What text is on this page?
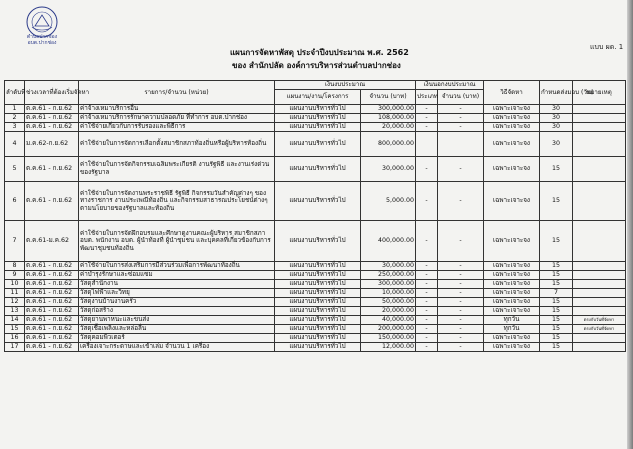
ตำบลปากช่อง
อบต.ปากช่อง	แบบ ผด. 1
แผนการจัดหาพัสดุ ประจำปีงบประมาณ พ.ศ. 2562
ของ สำนักปลัด องค์การบริหารส่วนตำบลปากช่อง
ลำดับที่	ช่วงเวลาที่ต้องเริ่มจัดหา	รายการ/จำนวน (หน่วย)	เงินงบประมาณ		เงินนอกงบประมาณ		วิธีจัดหา	กำหนดส่งมอบ (วัน)	หมายเหตุ
			แผนงาน/งาน/โครงการ	จำนวน (บาท)	ประเภท	จำนวน (บาท)			
1	ต.ค.61 - ก.ย.62	ค่าจ้างเหมาบริการอื่น	แผนงานบริหารทั่วไป	300,000.00	-	-	เฉพาะเจาะจง	30	
2	ต.ค.61 - ก.ย.62	ค่าจ้างเหมาบริการรักษาความปลอดภัย ที่ทำการ อบต.ปากช่อง	แผนงานบริหารทั่วไป	108,000.00	-	-	เฉพาะเจาะจง	30	
3	ต.ค.61 - ก.ย.62	ค่าใช้จ่ายเกี่ยวกับการรับรองและพิธีการ	แผนงานบริหารทั่วไป	20,000.00	-	-	เฉพาะเจาะจง	30	
4	ม.ค.62-ก.ย.62	ค่าใช้จ่ายในการจัดการเลือกตั้งสมาชิกสภาท้องถิ่นหรือผู้บริหารท้องถิ่น	แผนงานบริหารทั่วไป	800,000.00			เฉพาะเจาะจง	30	
5	ต.ค.61 - ก.ย.62	ค่าใช้จ่ายในการจัดกิจกรรมเฉลิมพระเกียรติ งานรัฐพิธี และงานเร่งด่วนของรัฐบาล	แผนงานบริหารทั่วไป	30,000.00	-	-	เฉพาะเจาะจง	15	
6	ต.ค.61 - ก.ย.62	ค่าใช้จ่ายในการจัดงานพระราชพิธี รัฐพิธี กิจกรรมวันสำคัญต่างๆ ของทางราชการ งานประเพณีท้องถิ่น และกิจกรรมสาธารณประโยชน์ต่างๆ ตามนโยบายของรัฐบาลและท้องถิ่น	แผนงานบริหารทั่วไป	5,000.00	-	-	เฉพาะเจาะจง	15	
7	ต.ค.61-ม.ค.62	ค่าใช้จ่ายในการจัดฝึกอบรมและศึกษาดูงานคณะผู้บริหาร สมาชิกสภา อบต. พนักงาน อบต. ผู้นำท้องที่ ผู้นำชุมชน และบุคคลที่เกี่ยวข้องกับการพัฒนาชุมชนท้องถิ่น	แผนงานบริหารทั่วไป	400,000.00	-	-	เฉพาะเจาะจง	15	
8	ต.ค.61 - ก.ย.62	ค่าใช้จ่ายในการส่งเสริมการมีส่วนร่วมเพื่อการพัฒนาท้องถิ่น	แผนงานบริหารทั่วไป	30,000.00	-	-	เฉพาะเจาะจง	15	
9	ต.ค.61 - ก.ย.62	ค่าบำรุงรักษาและซ่อมแซม	แผนงานบริหารทั่วไป	250,000.00	-	-	เฉพาะเจาะจง	15	
10	ต.ค.61 - ก.ย.62	วัสดุสำนักงาน	แผนงานบริหารทั่วไป	300,000.00	-	-	เฉพาะเจาะจง	15	
11	ต.ค.61 - ก.ย.62	วัสดุไฟฟ้าและวิทยุ	แผนงานบริหารทั่วไป	10,000.00	-	-	เฉพาะเจาะจง	7	
12	ต.ค.61 - ก.ย.62	วัสดุงานบ้านงานครัว	แผนงานบริหารทั่วไป	50,000.00	-	-	เฉพาะเจาะจง	15	
13	ต.ค.61 - ก.ย.62	วัสดุก่อสร้าง	แผนงานบริหารทั่วไป	20,000.00	-	-	เฉพาะเจาะจง	15	
14	ต.ค.61 - ก.ย.62	วัสดุยานพาหนะและขนส่ง	แผนงานบริหารทั่วไป	40,000.00	-	-	ทุกวัน	15	ตรงกับวันที่จัดหา
15	ต.ค.61 - ก.ย.62	วัสดุเชื้อเพลิงและหล่อลื่น	แผนงานบริหารทั่วไป	200,000.00	-	-	ทุกวัน	15	ตรงกับวันที่จัดหา
16	ต.ค.61 - ก.ย.62	วัสดุคอมพิวเตอร์	แผนงานบริหารทั่วไป	150,000.00	-	-	เฉพาะเจาะจง	15	
17	ต.ค.61 - ก.ย.62	เครื่องเจาะกระดาษและเข้าเล่ม จำนวน 1 เครื่อง	แผนงานบริหารทั่วไป	12,000.00	-	-	เฉพาะเจาะจง	15	
